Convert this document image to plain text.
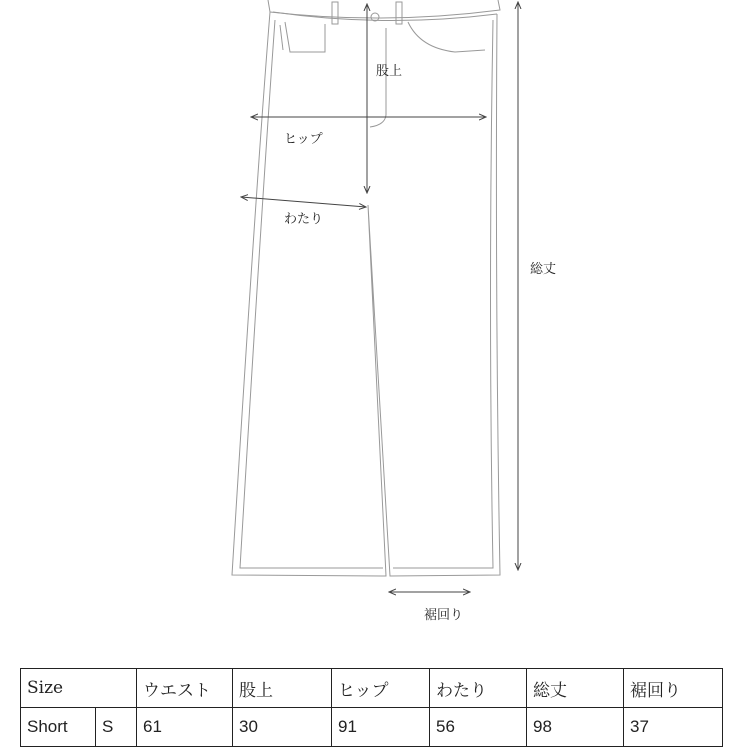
股上
ヒップ
わたり
総丈
裾回り
Size		ウエスト	股上	ヒップ	わたり	総丈	裾回り
Short	S	61	30	91	56	98	37
